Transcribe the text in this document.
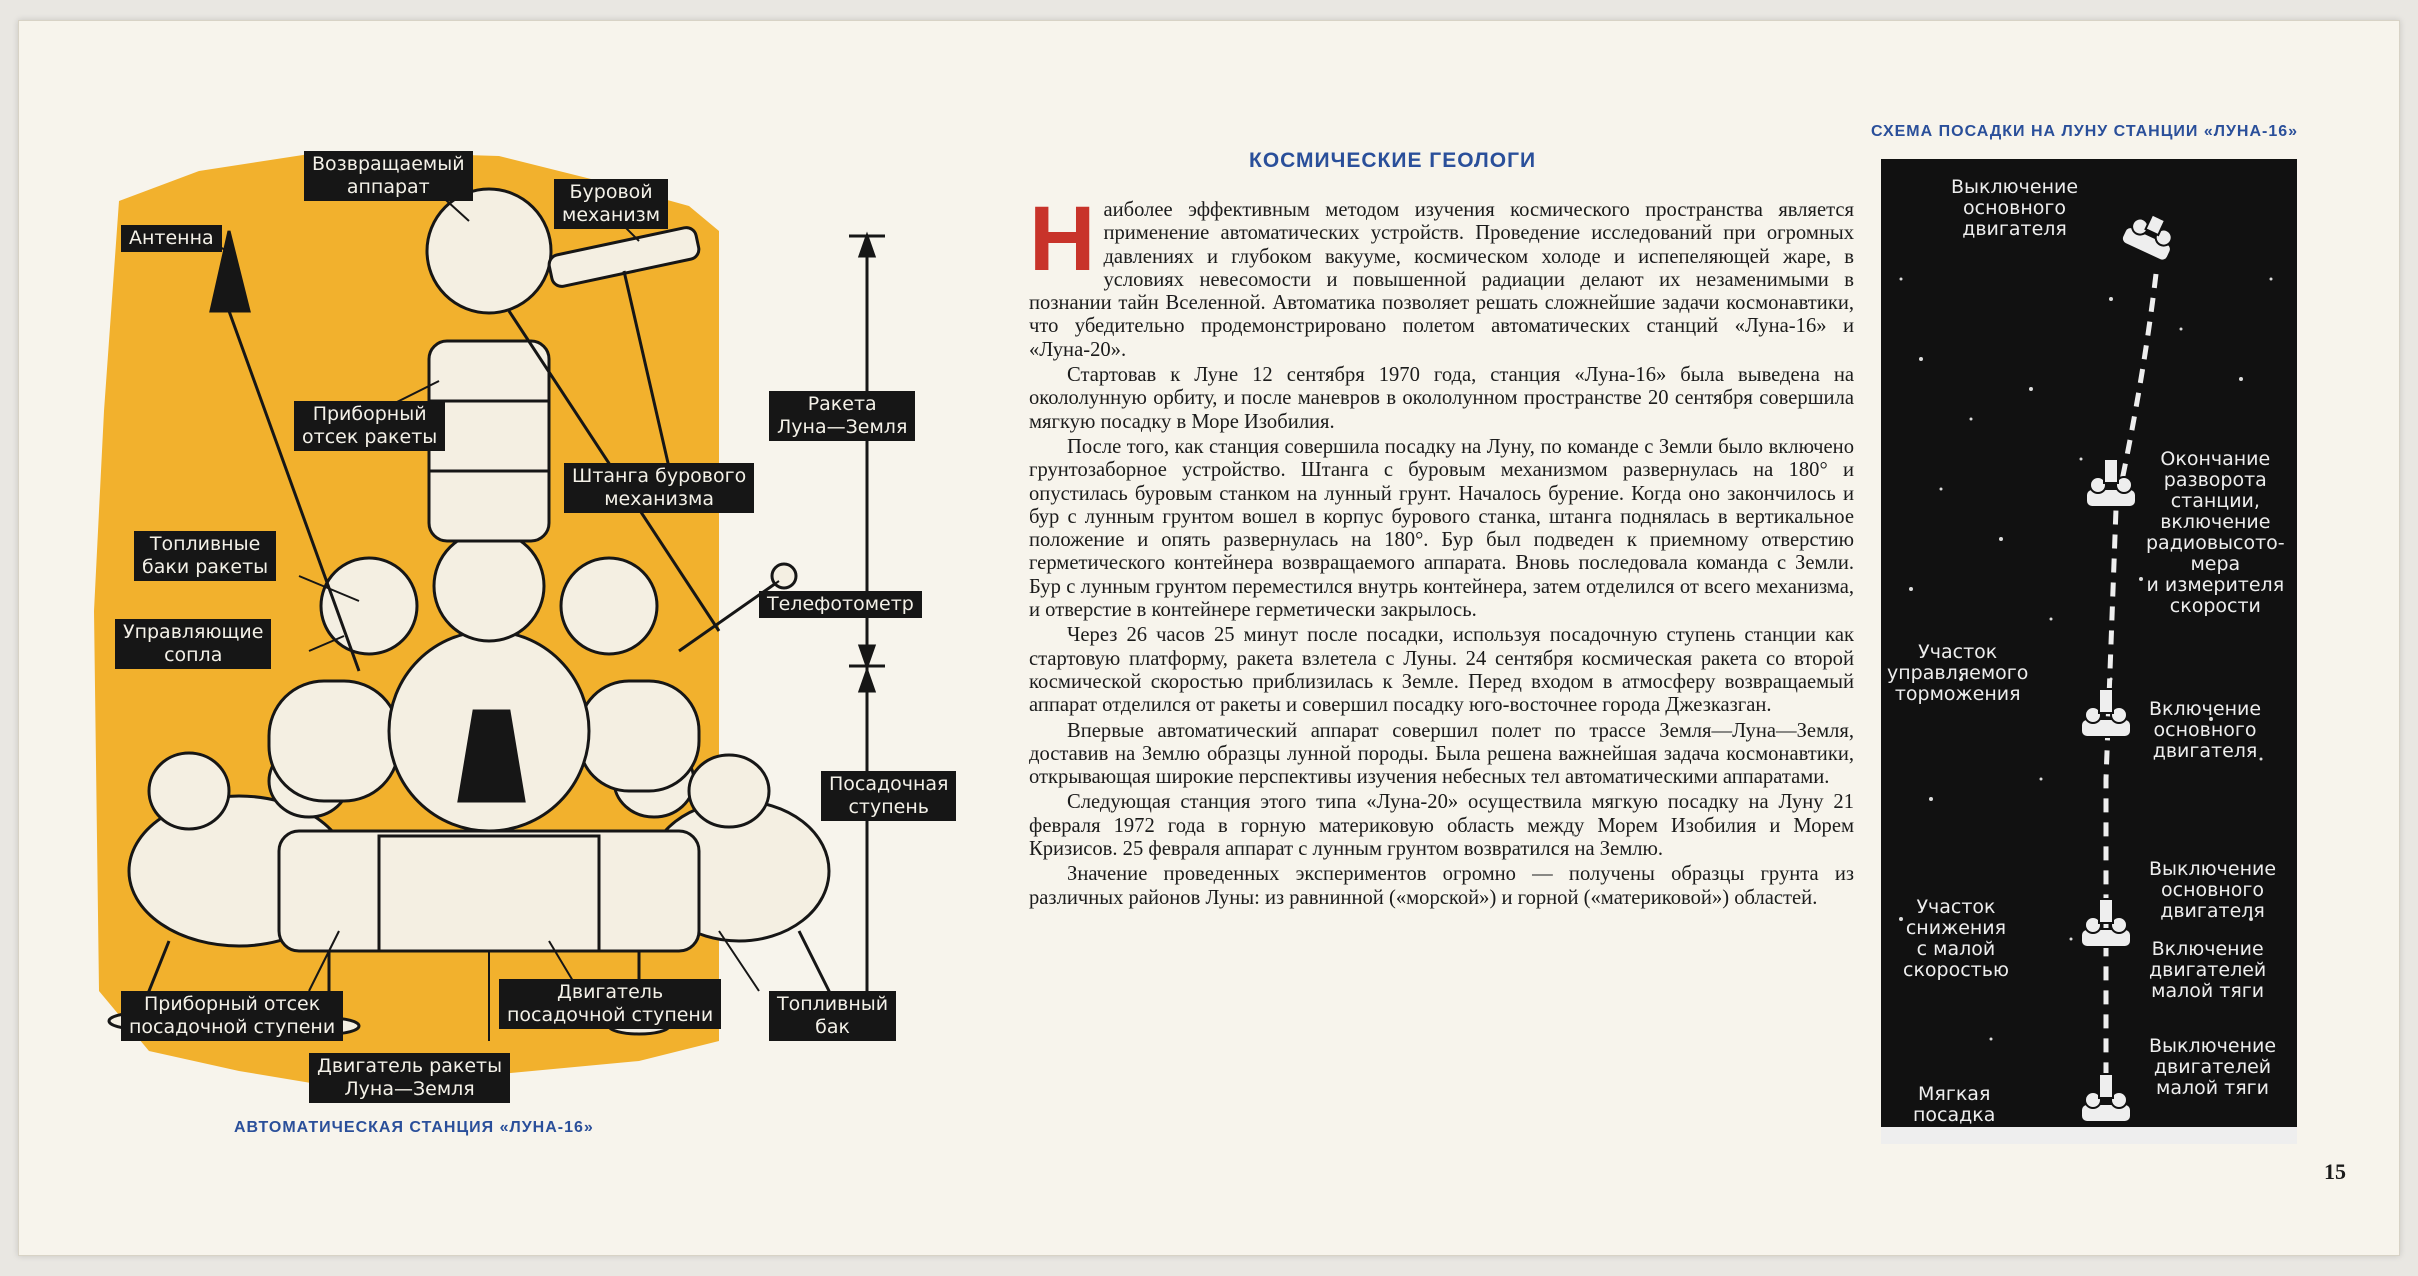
Возвращаемый
аппарат	Буровой
механизм
Антенна
Приборный
отсек ракеты
Ракета
Луна—Земля
Штанга бурового
механизма
Топливные
баки ракеты
Управляющие
сопла
Телефотометр
Посадочная
ступень
Приборный отсек
посадочной ступени
Топливный
бак
Двигатель
посадочной ступени
Двигатель ракеты
Луна—Земля
АВТОМАТИЧЕСКАЯ СТАНЦИЯ «ЛУНА-16»
КОСМИЧЕСКИЕ ГЕОЛОГИ

Наиболее эффективным методом изучения космического пространства является применение автоматических устройств. Проведение исследований при огромных давлениях и глубоком вакууме, космическом холоде и испепеляющей жаре, в условиях невесомости и повышенной радиации делают их незаменимыми в познании тайн Вселенной. Автоматика позволяет решать сложнейшие задачи космонавтики, что убедительно продемонстрировано полетом автоматических станций «Луна-16» и «Луна-20».

Стартовав к Луне 12 сентября 1970 года, станция «Луна-16» была выведена на окололунную орбиту, и после маневров в окололунном пространстве 20 сентября совершила мягкую посадку в Море Изобилия.

После того, как станция совершила посадку на Луну, по команде с Земли было включено грунтозаборное устройство. Штанга с буровым механизмом развернулась на 180° и опустилась буровым станком на лунный грунт. Началось бурение. Когда оно закончилось и бур с лунным грунтом вошел в корпус бурового станка, штанга поднялась в вертикальное положение и опять развернулась на 180°. Бур был подведен к приемному отверстию герметического контейнера возвращаемого аппарата. Вновь последовала команда с Земли. Бур с лунным грунтом переместился внутрь контейнера, затем отделился от всего механизма, и отверстие в контейнере герметически закрылось.

Через 26 часов 25 минут после посадки, используя посадочную ступень станции как стартовую платформу, ракета взлетела с Луны. 24 сентября космическая ракета со второй космической скоростью приблизилась к Земле. Перед входом в атмосферу возвращаемый аппарат отделился от ракеты и совершил посадку юго-восточнее города Джезказган.

Впервые автоматический аппарат совершил полет по трассе Земля—Луна—Земля, доставив на Землю образцы лунной породы. Была решена важнейшая задача космонавтики, открывающая широкие перспективы изучения небесных тел автоматическими аппаратами.

Следующая станция этого типа «Луна-20» осуществила мягкую посадку на Луну 21 февраля 1972 года в горную материковую область между Морем Изобилия и Морем Кризисов. 25 февраля аппарат с лунным грунтом возвратился на Землю.

Значение проведенных экспериментов огромно — получены образцы грунта из различных районов Луны: из равнинной («морской») и горной («материковой») областей.

СХЕМА ПОСАДКИ НА ЛУНУ СТАНЦИИ «ЛУНА-16»
Выключение
основного
двигателя
Окончание
разворота
станции,
включение
радиовысото-
мера
и измерителя
скорости
Участок
управляемого
торможения
Включение
основного
двигателя
Участок
снижения
с малой
скоростью
Выключение
основного
двигателя
Включение
двигателей
малой тяги
Выключение
двигателей
малой тяги
Мягкая
посадка
15
